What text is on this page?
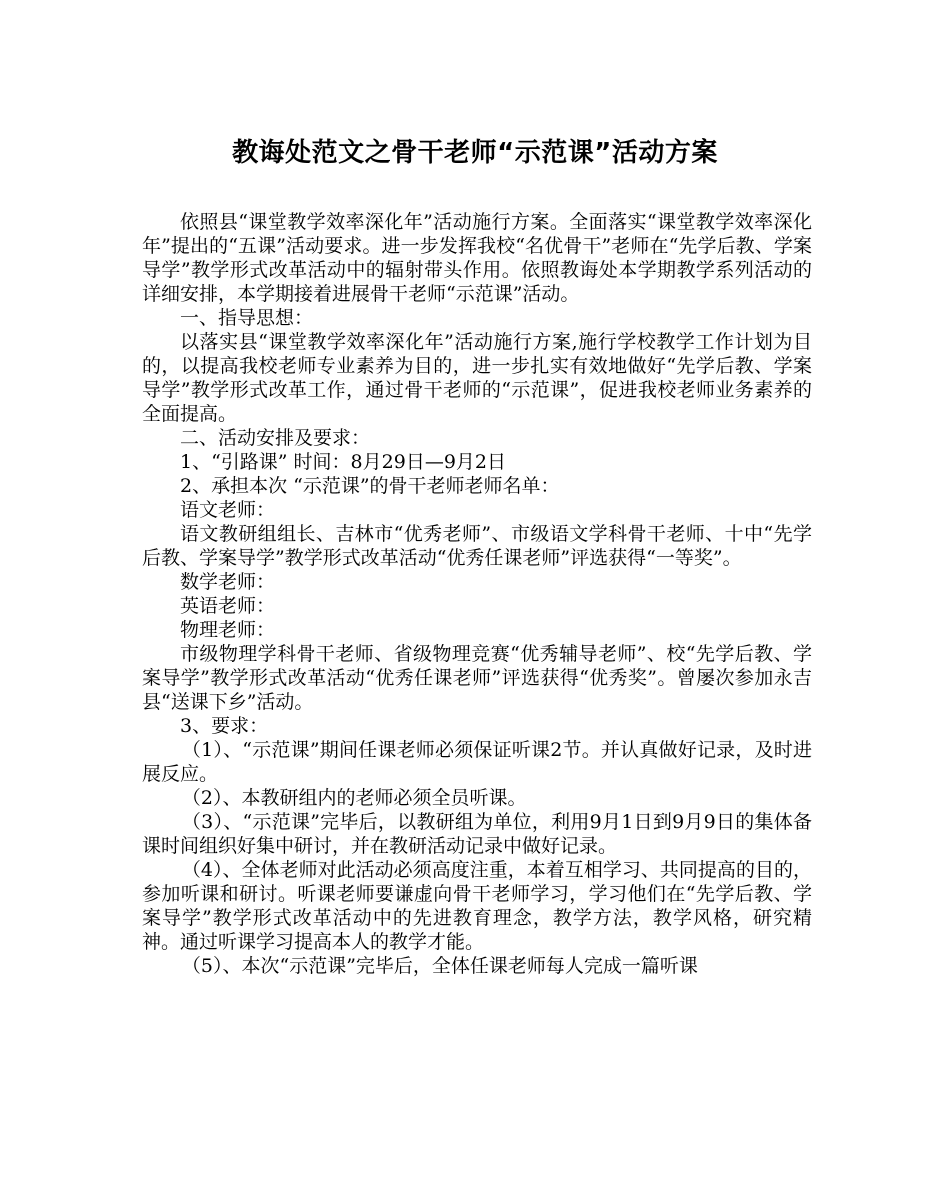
教诲处范文之骨干老师“示范课”活动方案

依照县“课堂教学效率深化年”活动施行方案。全面落实“课堂教学效率深化年”提出的“五课”活动要求。进一步发挥我校“名优骨干”老师在“先学后教、学案导学”教学形式改革活动中的辐射带头作用。依照教诲处本学期教学系列活动的详细安排，本学期接着进展骨干老师“示范课”活动。

一、指导思想：

以落实县“课堂教学效率深化年”活动施行方案,施行学校教学工作计划为目的，以提高我校老师专业素养为目的，进一步扎实有效地做好“先学后教、学案导学”教学形式改革工作，通过骨干老师的“示范课”，促进我校老师业务素养的全面提高。

二、活动安排及要求：

1、“引路课” 时间：8月29日—9月2日

2、承担本次 “示范课”的骨干老师老师名单：

语文老师：

语文教研组组长、吉林市“优秀老师”、市级语文学科骨干老师、十中“先学后教、学案导学”教学形式改革活动“优秀任课老师”评选获得“一等奖”。

数学老师：

英语老师：

物理老师：

市级物理学科骨干老师、省级物理竞赛“优秀辅导老师”、校“先学后教、学案导学”教学形式改革活动“优秀任课老师”评选获得“优秀奖”。曾屡次参加永吉县“送课下乡”活动。

3、要求：

（1）、“示范课”期间任课老师必须保证听课2节。并认真做好记录，及时进展反应。

（2）、本教研组内的老师必须全员听课。

（3）、“示范课”完毕后，以教研组为单位，利用9月1日到9月9日的集体备课时间组织好集中研讨，并在教研活动记录中做好记录。

（4）、全体老师对此活动必须高度注重，本着互相学习、共同提高的目的，参加听课和研讨。听课老师要谦虚向骨干老师学习，学习他们在“先学后教、学案导学”教学形式改革活动中的先进教育理念，教学方法，教学风格，研究精神。通过听课学习提高本人的教学才能。

（5）、本次“示范课”完毕后，全体任课老师每人完成一篇听课
